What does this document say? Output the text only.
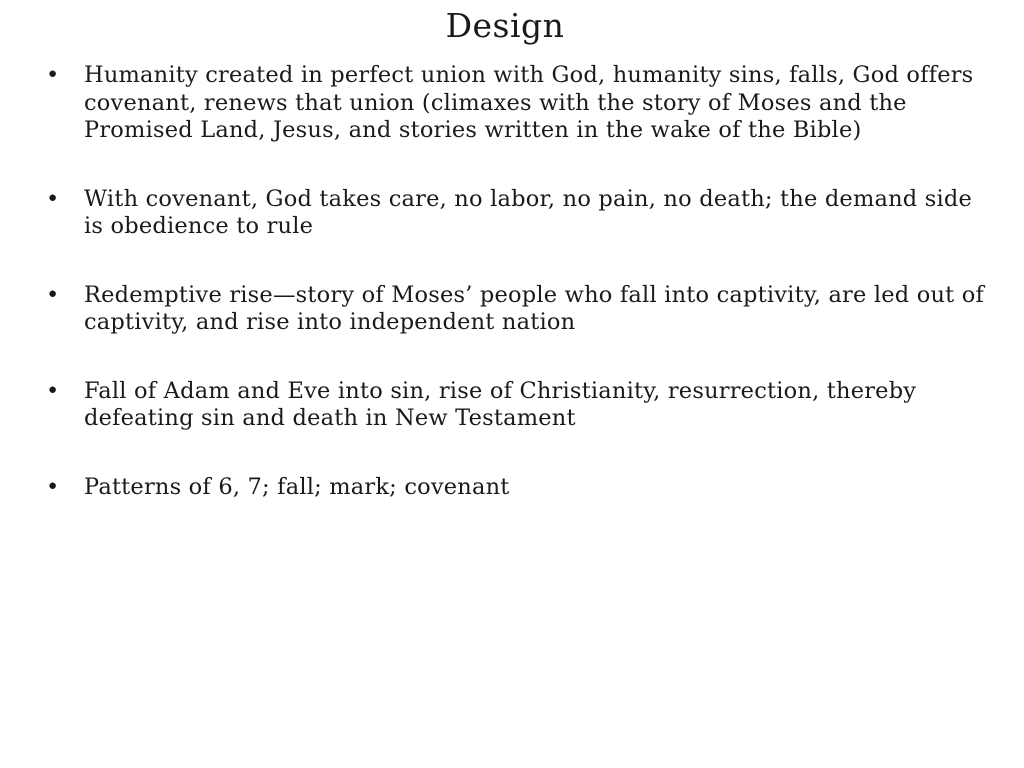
Design
• Humanity created in perfect union with God, humanity sins, falls, God offers covenant, renews that union (climaxes with the story of Moses and the Promised Land, Jesus, and stories written in the wake of the Bible)
• With covenant, God takes care, no labor, no pain, no death; the demand side is obedience to rule
• Redemptive rise—story of Moses’ people who fall into captivity, are led out of captivity, and rise into independent nation
• Fall of Adam and Eve into sin, rise of Christianity, resurrection, thereby defeating sin and death in New Testament
• Patterns of 6, 7; fall; mark; covenant
